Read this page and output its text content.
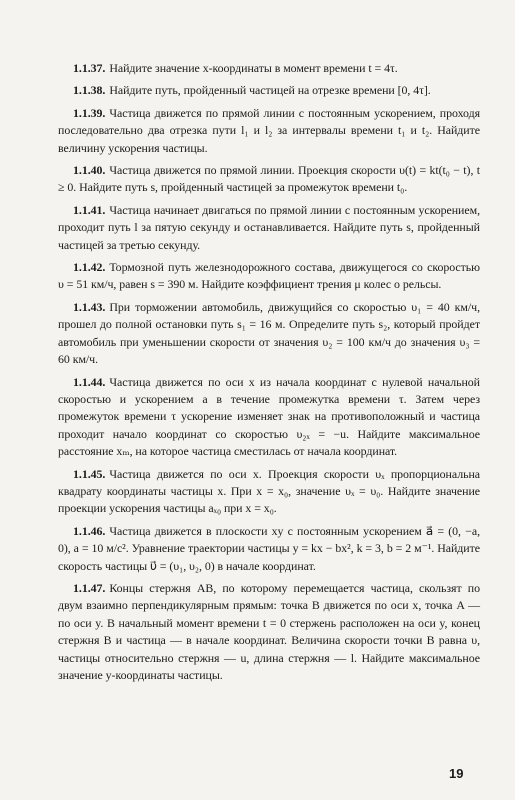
1.1.37. Найдите значение x-координаты в момент времени t = 4τ.

1.1.38. Найдите путь, пройденный частицей на отрезке времени [0, 4τ].

1.1.39. Частица движется по прямой линии с постоянным ускорением, проходя последовательно два отрезка пути l₁ и l₂ за интервалы времени t₁ и t₂. Найдите величину ускорения частицы.

1.1.40. Частица движется по прямой линии. Проекция скорости υ(t) = kt(t₀ − t), t ≥ 0. Найдите путь s, пройденный частицей за промежуток времени t₀.

1.1.41. Частица начинает двигаться по прямой линии с постоянным ускорением, проходит путь l за пятую секунду и останавливается. Найдите путь s, пройденный частицей за третью секунду.

1.1.42. Тормозной путь железнодорожного состава, движущегося со скоростью υ = 51 км/ч, равен s = 390 м. Найдите коэффициент трения μ колес о рельсы.

1.1.43. При торможении автомобиль, движущийся со скоростью υ₁ = 40 км/ч, прошел до полной остановки путь s₁ = 16 м. Определите путь s₂, который пройдет автомобиль при уменьшении скорости от значения υ₂ = 100 км/ч до значения υ₃ = 60 км/ч.

1.1.44. Частица движется по оси x из начала координат с нулевой начальной скоростью и ускорением a в течение промежутка времени τ. Затем через промежуток времени τ ускорение изменяет знак на противоположный и частица проходит начало координат со скоростью υ₂ₓ = −u. Найдите максимальное расстояние xₘ, на которое частица сместилась от начала координат.

1.1.45. Частица движется по оси x. Проекция скорости υₓ пропорциональна квадрату координаты частицы x. При x = x₀, значение υₓ = υ₀. Найдите значение проекции ускорения частицы aₓ₀ при x = x₀.

1.1.46. Частица движется в плоскости xy с постоянным ускорением a⃗ = (0, −a, 0), a = 10 м/с². Уравнение траектории частицы y = kx − bx², k = 3, b = 2 м⁻¹. Найдите скорость частицы υ⃗ = (υ₁, υ₂, 0) в начале координат.

1.1.47. Концы стержня AB, по которому перемещается частица, скользят по двум взаимно перпендикулярным прямым: точка B движется по оси x, точка A — по оси y. В начальный момент времени t = 0 стержень расположен на оси y, конец стержня B и частица — в начале координат. Величина скорости точки B равна υ, частицы относительно стержня — u, длина стержня — l. Найдите максимальное значение y-координаты частицы.

19
